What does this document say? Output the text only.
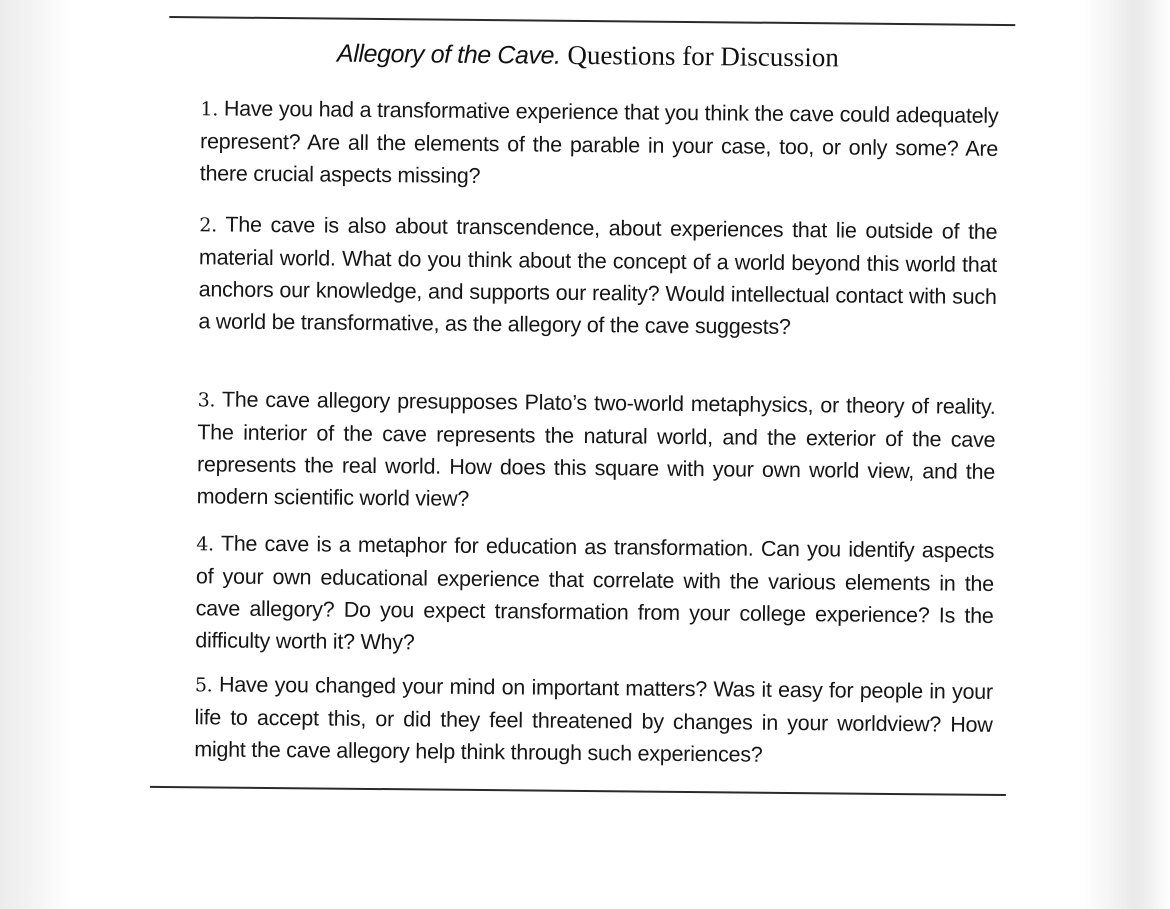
Allegory of the Cave. Questions for Discussion

1. Have you had a transformative experience that you think the cave could adequately represent? Are all the elements of the parable in your case, too, or only some? Are there crucial aspects missing?

2. The cave is also about transcendence, about experiences that lie outside of the material world. What do you think about the concept of a world beyond this world that anchors our knowledge, and supports our reality? Would intellectual contact with such a world be transformative, as the allegory of the cave suggests?

3. The cave allegory presupposes Plato’s two-world metaphysics, or theory of reality. The interior of the cave represents the natural world, and the exterior of the cave represents the real world. How does this square with your own world view, and the modern scientific world view?

4. The cave is a metaphor for education as transformation. Can you identify aspects of your own educational experience that correlate with the various elements in the cave allegory? Do you expect transformation from your college experience? Is the difficulty worth it? Why?

5. Have you changed your mind on important matters? Was it easy for people in your life to accept this, or did they feel threatened by changes in your worldview? How might the cave allegory help think through such experiences?
